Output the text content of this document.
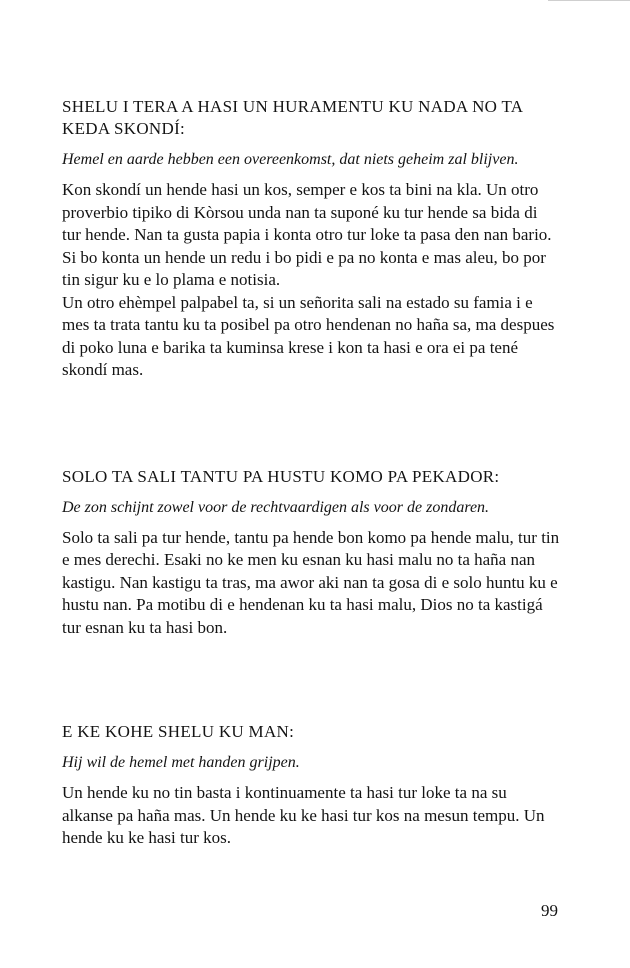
SHELU I TERA A HASI UN HURAMENTU KU NADA NO TA KEDA SKONDÍ:

Hemel en aarde hebben een overeenkomst, dat niets geheim zal blijven.

Kon skondí un hende hasi un kos, semper e kos ta bini na kla. Un otro proverbio tipiko di Kòrsou unda nan ta suponé ku tur hende sa bida di tur hende. Nan ta gusta papia i konta otro tur loke ta pasa den nan bario.

Si bo konta un hende un redu i bo pidi e pa no konta e mas aleu, bo por tin sigur ku e lo plama e notisia.

Un otro ehèmpel palpabel ta, si un señorita sali na estado su famia i e mes ta trata tantu ku ta posibel pa otro hendenan no haña sa, ma despues di poko luna e barika ta kuminsa krese i kon ta hasi e ora ei pa tené skondí mas.

SOLO TA SALI TANTU PA HUSTU KOMO PA PEKADOR:

De zon schijnt zowel voor de rechtvaardigen als voor de zondaren.

Solo ta sali pa tur hende, tantu pa hende bon komo pa hende malu, tur tin e mes derechi. Esaki no ke men ku esnan ku hasi malu no ta haña nan kastigu. Nan kastigu ta tras, ma awor aki nan ta gosa di e solo huntu ku e hustu nan. Pa motibu di e hendenan ku ta hasi malu, Dios no ta kastigá tur esnan ku ta hasi bon.

E KE KOHE SHELU KU MAN:

Hij wil de hemel met handen grijpen.

Un hende ku no tin basta i kontinuamente ta hasi tur loke ta na su alkanse pa haña mas. Un hende ku ke hasi tur kos na mesun tempu. Un hende ku ke hasi tur kos.

99
